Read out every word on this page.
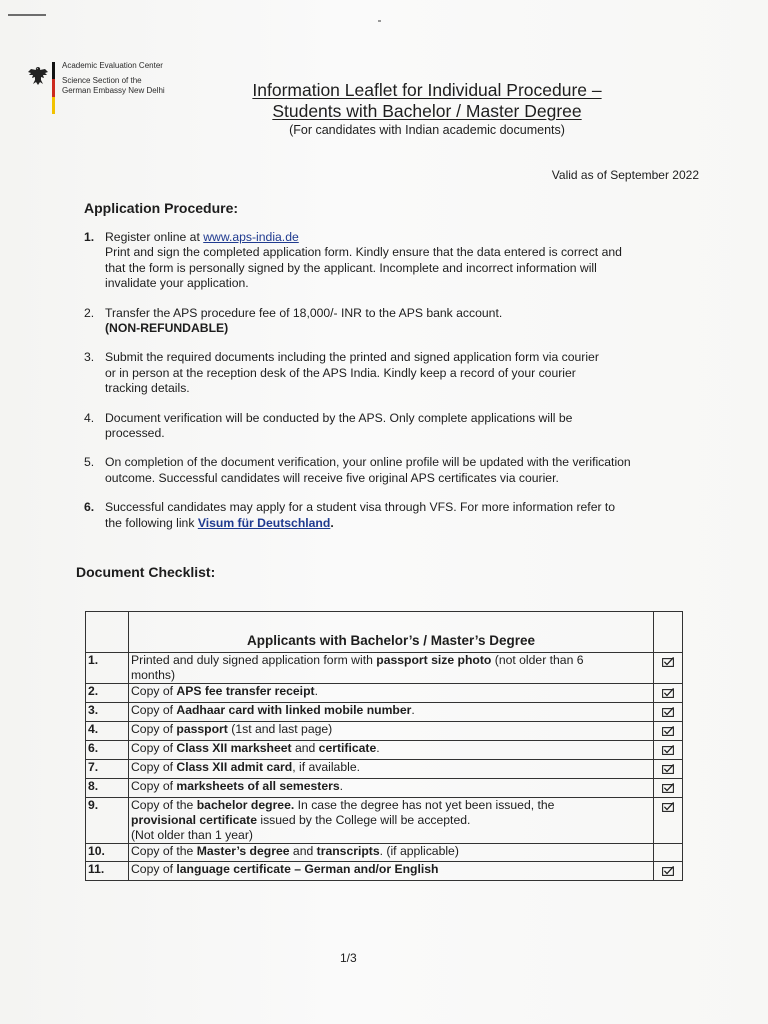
Academic Evaluation Center
Science Section of the
German Embassy New Delhi	Information Leaflet for Individual Procedure –
Students with Bachelor / Master Degree
(For candidates with Indian academic documents)
Valid as of September 2022
Application Procedure:
1. Register online at www.aps-india.de
Print and sign the completed application form. Kindly ensure that the data entered is correct and
that the form is personally signed by the applicant. Incomplete and incorrect information will
invalidate your application.
2. Transfer the APS procedure fee of 18,000/- INR to the APS bank account.
(NON-REFUNDABLE)
3. Submit the required documents including the printed and signed application form via courier
or in person at the reception desk of the APS India. Kindly keep a record of your courier
tracking details.
4. Document verification will be conducted by the APS. Only complete applications will be
processed.
5. On completion of the document verification, your online profile will be updated with the verification
outcome. Successful candidates will receive five original APS certificates via courier.
6. Successful candidates may apply for a student visa through VFS. For more information refer to
the following link Visum für Deutschland.
Document Checklist:
	Applicants with Bachelor’s / Master’s Degree	
1.	Printed and duly signed application form with passport size photo (not older than 6
months)	
2.	Copy of APS fee transfer receipt.	
3.	Copy of Aadhaar card with linked mobile number.	
4.	Copy of passport (1st and last page)	
6.	Copy of Class XII marksheet and certificate.	
7.	Copy of Class XII admit card, if available.	
8.	Copy of marksheets of all semesters.	
9.	Copy of the bachelor degree. In case the degree has not yet been issued, the
provisional certificate issued by the College will be accepted.
(Not older than 1 year)	
10.	Copy of the Master’s degree and transcripts. (if applicable)	
11.	Copy of language certificate – German and/or English	
1/3
